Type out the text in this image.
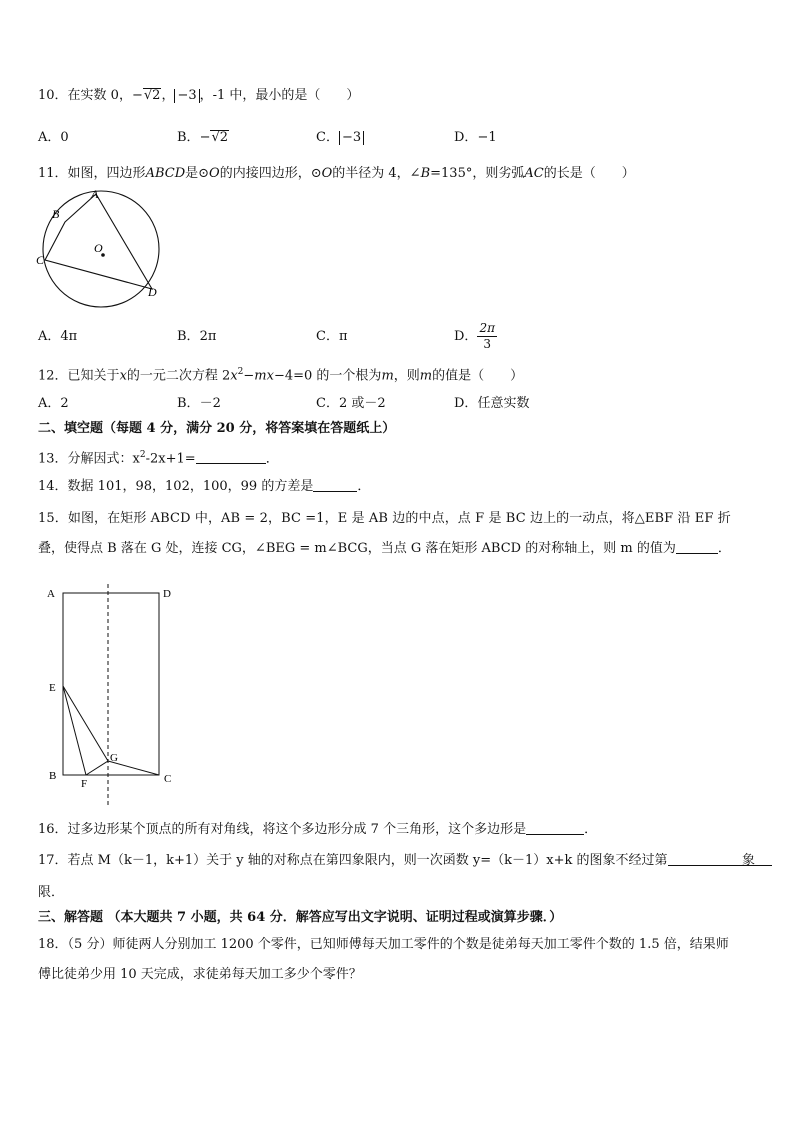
10．在实数 0，−√2， −3 ，-1 中，最小的是（　　）
A．0	B．−√2	C． −3	D．−1
11．如图，四边形ABCD是⊙O的内接四边形，⊙O的半径为 4，∠B=135°，则劣弧AC的长是（　　）
A
B
C
D
O
A．4π	B．2π	C．π	D． $\frac{2\pi}{3}$
12．已知关于x的一元二次方程 $2x^2-mx-4=0$ 的一个根为m，则m的值是（　　）
A．2	B．－2	C．2 或－2	D．任意实数
二、填空题（每题 4 分，满分 20 分，将答案填在答题纸上）
13．分解因式：$x^2-2x+1=$	．
14．数据 101，98，102，100，99 的方差是	．
15．如图，在矩形 ABCD 中，AB = 2，BC =1，E 是 AB 边的中点，点 F 是 BC 边上的一动点，将△EBF 沿 EF 折
叠，使得点 B 落在 G 处，连接 CG，∠BEG = m∠BCG，当点 G 落在矩形 ABCD 的对称轴上，则 m 的值为	．
A	D
E
B	C
F
G
16．过多边形某个顶点的所有对角线，将这个多边形分成 7 个三角形，这个多边形是	．
17．若点 M（k－1，k+1）关于 y 轴的对称点在第四象限内，则一次函数 y=（k－1）x+k 的图象不经过第	象
限．
三、解答题 （本大题共 7 小题，共 64 分．解答应写出文字说明、证明过程或演算步骤．）
18．（5 分）师徒两人分别加工 1200 个零件，已知师傅每天加工零件的个数是徒弟每天加工零件个数的 1.5 倍，结果师
傅比徒弟少用 10 天完成，求徒弟每天加工多少个零件？
